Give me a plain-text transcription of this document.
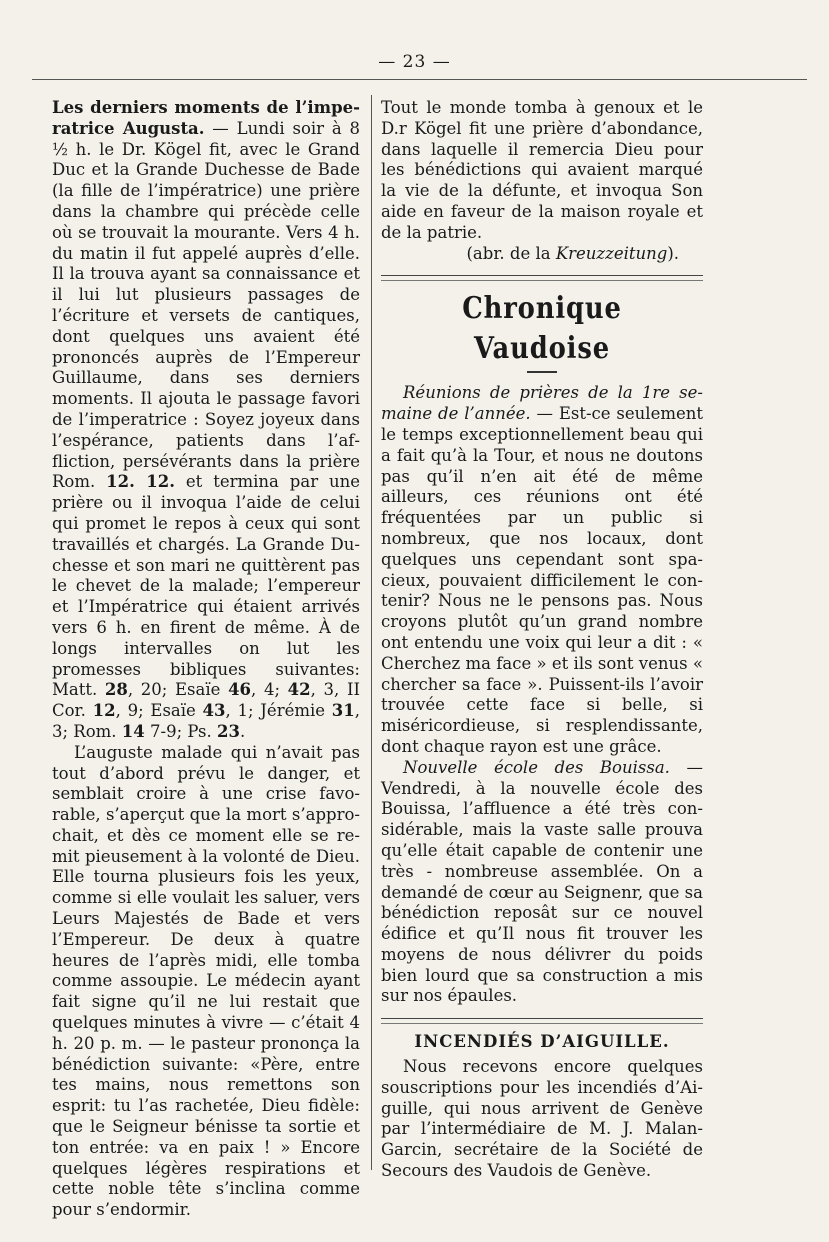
— 23 —

Les derniers moments de l’imperatrice Augusta. — Lundi soir à 8 ½ h. le Dr. Kögel fit, avec le Grand Duc et la Grande Duchesse de Bade (la fille de l’impératrice) une prière dans la chambre qui précède celle où se trouvait la mourante. Vers 4 h. du matin il fut appelé auprès d’elle. Il la trouva ayant sa connaissance et il lui lut plusieurs passages de l’écriture et versets de cantiques, dont quelques uns avaient été prononcés auprès de l’Empereur Guillaume, dans ses derniers moments. Il ajouta le passage favori de l’imperatrice : Soyez joyeux dans l’espérance, patients dans l’affliction, persévérants dans la prière Rom. 12. 12. et termina par une prière ou il invoqua l’aide de celui qui promet le repos à ceux qui sont travaillés et chargés. La Grande Duchesse et son mari ne quittèrent pas le chevet de la malade; l’empereur et l’Impératrice qui étaient arrivés vers 6 h. en firent de même. À de longs intervalles on lut les promesses bibliques suivantes: Matt. 28, 20; Esaïe 46, 4; 42, 3, II Cor. 12, 9; Esaïe 43, 1; Jérémie 31, 3; Rom. 14 7-9; Ps. 23.

L’auguste malade qui n’avait pas tout d’abord prévu le danger, et semblait croire à une crise favorable, s’aperçut que la mort s’approchait, et dès ce moment elle se remit pieusement à la volonté de Dieu. Elle tourna plusieurs fois les yeux, comme si elle voulait les saluer, vers Leurs Majestés de Bade et vers l’Empereur. De deux à quatre heures de l’après midi, elle tomba comme assoupie. Le médecin ayant fait signe qu’il ne lui restait que quelques minutes à vivre — c’était 4 h. 20 p. m. — le pasteur prononça la bénédiction suivante: «Père, entre tes mains, nous remettons son esprit: tu l’as rachetée, Dieu fidèle: que le Seigneur bénisse ta sortie et ton entrée: va en paix ! » Encore quelques légères respirations et cette noble tête s’inclina comme pour s’endormir.

Tout le monde tomba à genoux et le D.r Kögel fit une prière d’abondance, dans laquelle il remercia Dieu pour les bénédictions qui avaient marqué la vie de la défunte, et invoqua Son aide en faveur de la maison royale et de la patrie.

(abr. de la Kreuzzeitung).

Chronique Vaudoise

Réunions de prières de la 1re semaine de l’année. — Est-ce seulement le temps exceptionnellement beau qui a fait qu’à la Tour, et nous ne doutons pas qu’il n’en ait été de même ailleurs, ces réunions ont été fréquentées par un public si nombreux, que nos locaux, dont quelques uns cependant sont spacieux, pouvaient difficilement le contenir? Nous ne le pensons pas. Nous croyons plutôt qu’un grand nombre ont entendu une voix qui leur a dit : « Cherchez ma face » et ils sont venus « chercher sa face ». Puissent-ils l’avoir trouvée cette face si belle, si miséricordieuse, si resplendissante, dont chaque rayon est une grâce.

Nouvelle école des Bouissa. — Vendredi, à la nouvelle école des Bouissa, l’affluence a été très considérable, mais la vaste salle prouva qu’elle était capable de contenir une très - nombreuse assemblée. On a demandé de cœur au Seignenr, que sa bénédiction reposât sur ce nouvel édifice et qu’Il nous fit trouver les moyens de nous délivrer du poids bien lourd que sa construction a mis sur nos épaules.

INCENDIÉS D’AIGUILLE.

Nous recevons encore quelques souscriptions pour les incendiés d’Aiguille, qui nous arrivent de Genève par l’intermédiaire de M. J. Malan-Garcin, secrétaire de la Société de Secours des Vaudois de Genève.
